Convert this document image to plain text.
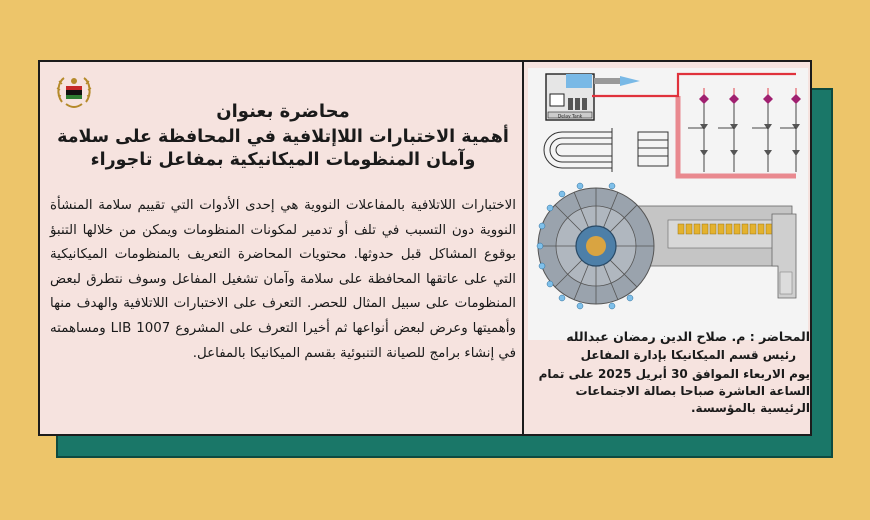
محاضرة بعنوان
أهمية الاختبارات اللاإتلافية في المحافظة على سلامة
وآمان المنظومات الميكانيكية بمفاعل تاجوراء
الاختبارات اللاتلافية بالمفاعلات النووية هي إحدى الأدوات التي تقييم سلامة المنشأة النووية دون التسبب في تلف أو تدمير لمكونات المنظومات ويمكن من خلالها التنبؤ بوقوع المشاكل قبل حدوثها. محتويات المحاضرة التعريف بالمنظومات الميكانيكية التي على عاتقها المحافظة على سلامة وآمان تشغيل المفاعل وسوف نتطرق لبعض المنظومات على سبيل المثال للحصر. التعرف على الاختبارات اللاتلافية والهدف منها وأهميتها وعرض لبعض أنواعها ثم أخيرا التعرف على المشروع LIB 1007 ومساهمته في إنشاء برامج للصيانة التنبوئية بقسم الميكانيكا بالمفاعل.
Delay Tank
المحاضر : م. صلاح الدين رمضان عبدالله
رئيس قسم الميكانيكا بإدارة المفاعل
يوم الاربعاء الموافق 30 أبريل 2025 على تمام الساعة العاشرة صباحا بصالة الاجتماعات الرئيسية بالمؤسسة.
